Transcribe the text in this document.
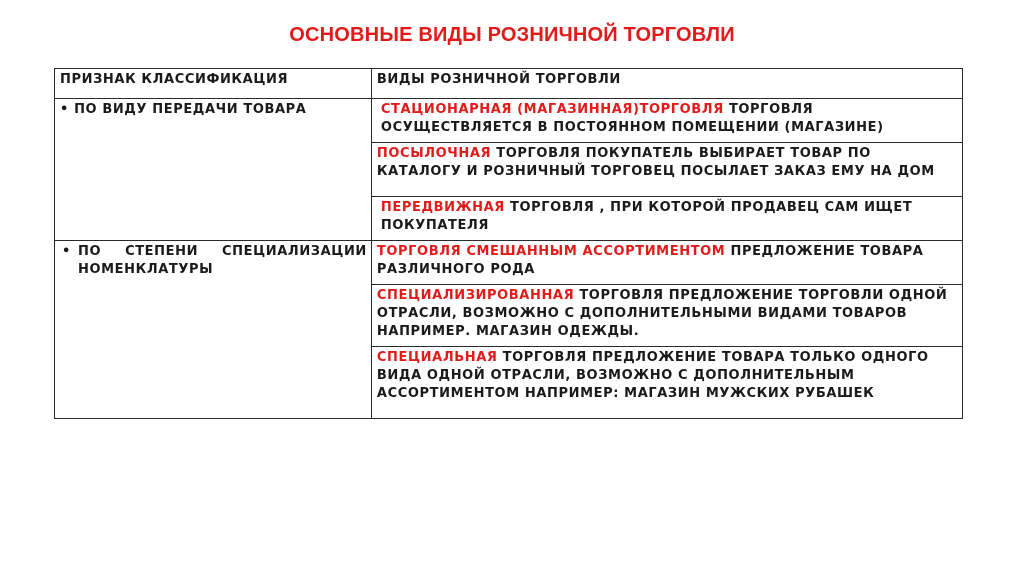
ОСНОВНЫЕ ВИДЫ РОЗНИЧНОЙ ТОРГОВЛИ
ПРИЗНАК КЛАССИФИКАЦИЯ	ВИДЫ РОЗНИЧНОЙ ТОРГОВЛИ
• ПО ВИДУ ПЕРЕДАЧИ ТОВАРА	СТАЦИОНАРНАЯ (МАГАЗИННАЯ)ТОРГОВЛЯ ТОРГОВЛЯ ОСУЩЕСТВЛЯЕТСЯ В ПОСТОЯННОМ ПОМЕЩЕНИИ (МАГАЗИНЕ)
	ПОСЫЛОЧНАЯ ТОРГОВЛЯ ПОКУПАТЕЛЬ ВЫБИРАЕТ ТОВАР ПО КАТАЛОГУ И РОЗНИЧНЫЙ ТОРГОВЕЦ ПОСЫЛАЕТ ЗАКАЗ ЕМУ НА ДОМ
	ПЕРЕДВИЖНАЯ ТОРГОВЛЯ , ПРИ КОТОРОЙ ПРОДАВЕЦ САМ ИЩЕТ ПОКУПАТЕЛЯ

• ПО СТЕПЕНИ СПЕЦИАЛИЗАЦИИ НОМЕНКЛАТУРЫ	ТОРГОВЛЯ СМЕШАННЫМ АССОРТИМЕНТОМ ПРЕДЛОЖЕНИЕ ТОВАРА РАЗЛИЧНОГО РОДА
	СПЕЦИАЛИЗИРОВАННАЯ ТОРГОВЛЯ ПРЕДЛОЖЕНИЕ ТОРГОВЛИ ОДНОЙ ОТРАСЛИ, ВОЗМОЖНО С ДОПОЛНИТЕЛЬНЫМИ ВИДАМИ ТОВАРОВ НАПРИМЕР. МАГАЗИН ОДЕЖДЫ.
	СПЕЦИАЛЬНАЯ ТОРГОВЛЯ ПРЕДЛОЖЕНИЕ ТОВАРА ТОЛЬКО ОДНОГО ВИДА ОДНОЙ ОТРАСЛИ, ВОЗМОЖНО С ДОПОЛНИТЕЛЬНЫМ АССОРТИМЕНТОМ НАПРИМЕР: МАГАЗИН МУЖСКИХ РУБАШЕК
